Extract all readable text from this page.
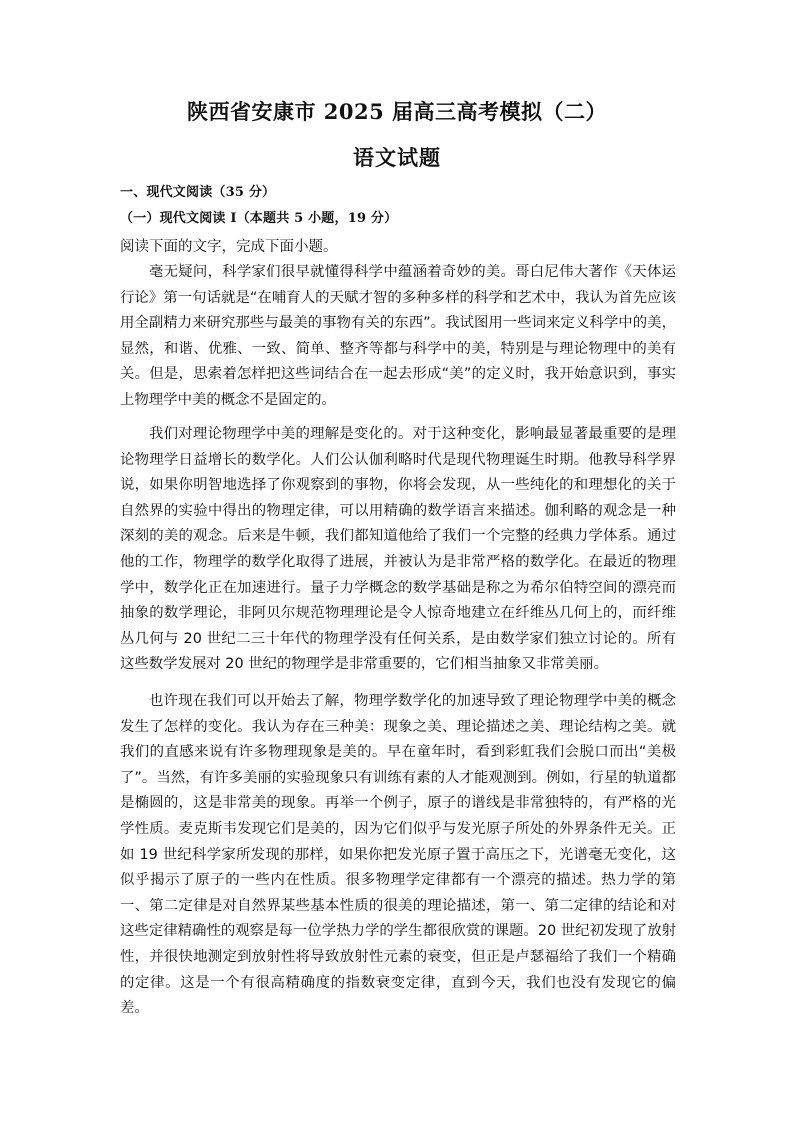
陕西省安康市 2025 届高三高考模拟（二）
语文试题
一、现代文阅读（35 分）
（一）现代文阅读 Ⅰ（本题共 5 小题，19 分）
阅读下面的文字，完成下面小题。

毫无疑问，科学家们很早就懂得科学中蕴涵着奇妙的美。哥白尼伟大著作《天体运行论》第一句话就是“在哺育人的天赋才智的多种多样的科学和艺术中，我认为首先应该用全副精力来研究那些与最美的事物有关的东西”。我试图用一些词来定义科学中的美，显然，和谐、优雅、一致、简单、整齐等都与科学中的美，特别是与理论物理中的美有关。但是，思索着怎样把这些词结合在一起去形成“美”的定义时，我开始意识到，事实上物理学中美的概念不是固定的。

我们对理论物理学中美的理解是变化的。对于这种变化，影响最显著最重要的是理论物理学日益增长的数学化。人们公认伽利略时代是现代物理诞生时期。他教导科学界说，如果你明智地选择了你观察到的事物，你将会发现，从一些纯化的和理想化的关于自然界的实验中得出的物理定律，可以用精确的数学语言来描述。伽利略的观念是一种深刻的美的观念。后来是牛顿，我们都知道他给了我们一个完整的经典力学体系。通过他的工作，物理学的数学化取得了进展，并被认为是非常严格的数学化。在最近的物理学中，数学化正在加速进行。量子力学概念的数学基础是称之为希尔伯特空间的漂亮而抽象的数学理论，非阿贝尔规范物理理论是令人惊奇地建立在纤维丛几何上的，而纤维丛几何与 20 世纪二三十年代的物理学没有任何关系，是由数学家们独立讨论的。所有这些数学发展对 20 世纪的物理学是非常重要的，它们相当抽象又非常美丽。

也许现在我们可以开始去了解，物理学数学化的加速导致了理论物理学中美的概念发生了怎样的变化。我认为存在三种美：现象之美、理论描述之美、理论结构之美。就我们的直感来说有许多物理现象是美的。早在童年时，看到彩虹我们会脱口而出“美极了”。当然，有许多美丽的实验现象只有训练有素的人才能观测到。例如，行星的轨道都是椭圆的，这是非常美的现象。再举一个例子，原子的谱线是非常独特的，有严格的光学性质。麦克斯韦发现它们是美的，因为它们似乎与发光原子所处的外界条件无关。正如 19 世纪科学家所发现的那样，如果你把发光原子置于高压之下，光谱毫无变化，这似乎揭示了原子的一些内在性质。很多物理学定律都有一个漂亮的描述。热力学的第一、第二定律是对自然界某些基本性质的很美的理论描述，第一、第二定律的结论和对这些定律精确性的观察是每一位学热力学的学生都很欣赏的课题。20 世纪初发现了放射性，并很快地测定到放射性将导致放射性元素的衰变，但正是卢瑟福给了我们一个精确的定律。这是一个有很高精确度的指数衰变定律，直到今天，我们也没有发现它的偏差。
